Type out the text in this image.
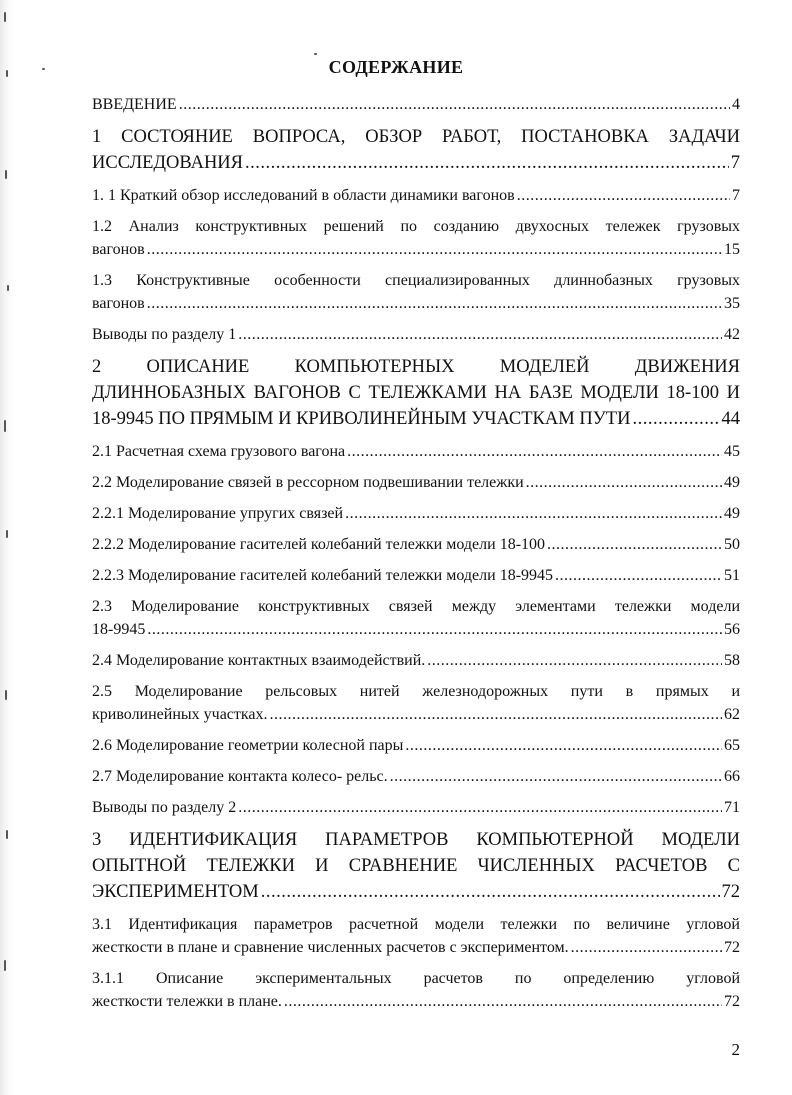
СОДЕРЖАНИЕ
ВВЕДЕНИЕ .....	4
1 СОСТОЯНИЕ ВОПРОСА, ОБЗОР РАБОТ, ПОСТАНОВКА ЗАДАЧИ
ИССЛЕДОВАНИЯ .....	7
1. 1 Краткий обзор исследований в области динамики вагонов .....	7
1.2 Анализ конструктивных решений по созданию двухосных тележек грузовых
вагонов .....	15
1.3 Конструктивные особенности специализированных длиннобазных грузовых
вагонов .....	35
Выводы по разделу 1 .....	42
2 ОПИСАНИЕ КОМПЬЮТЕРНЫХ МОДЕЛЕЙ ДВИЖЕНИЯ
ДЛИННОБАЗНЫХ ВАГОНОВ С ТЕЛЕЖКАМИ НА БАЗЕ МОДЕЛИ 18-100 И
18-9945 ПО ПРЯМЫМ И КРИВОЛИНЕЙНЫМ УЧАСТКАМ ПУТИ .....	44
2.1 Расчетная схема грузового вагона .....	45
2.2 Моделирование связей в рессорном подвешивании тележки .....	49
2.2.1 Моделирование упругих связей .....	49
2.2.2 Моделирование гасителей колебаний тележки модели 18-100 .....	50
2.2.3 Моделирование гасителей колебаний тележки модели 18-9945 .....	51
2.3 Моделирование конструктивных связей между элементами тележки модели
18-9945 .....	56
2.4 Моделирование контактных взаимодействий. .....	58
2.5 Моделирование рельсовых нитей железнодорожных пути в прямых и
криволинейных участках. .....	62
2.6 Моделирование геометрии колесной пары .....	65
2.7 Моделирование контакта колесо- рельс. .....	66
Выводы по разделу 2 .....	71
3 ИДЕНТИФИКАЦИЯ ПАРАМЕТРОВ КОМПЬЮТЕРНОЙ МОДЕЛИ
ОПЫТНОЙ ТЕЛЕЖКИ И СРАВНЕНИЕ ЧИСЛЕННЫХ РАСЧЕТОВ С
ЭКСПЕРИМЕНТОМ .....	72
3.1 Идентификация параметров расчетной модели тележки по величине угловой
жесткости в плане и сравнение численных расчетов с экспериментом. .....	72
3.1.1 Описание экспериментальных расчетов по определению угловой
жесткости тележки в плане. .....	72
2
